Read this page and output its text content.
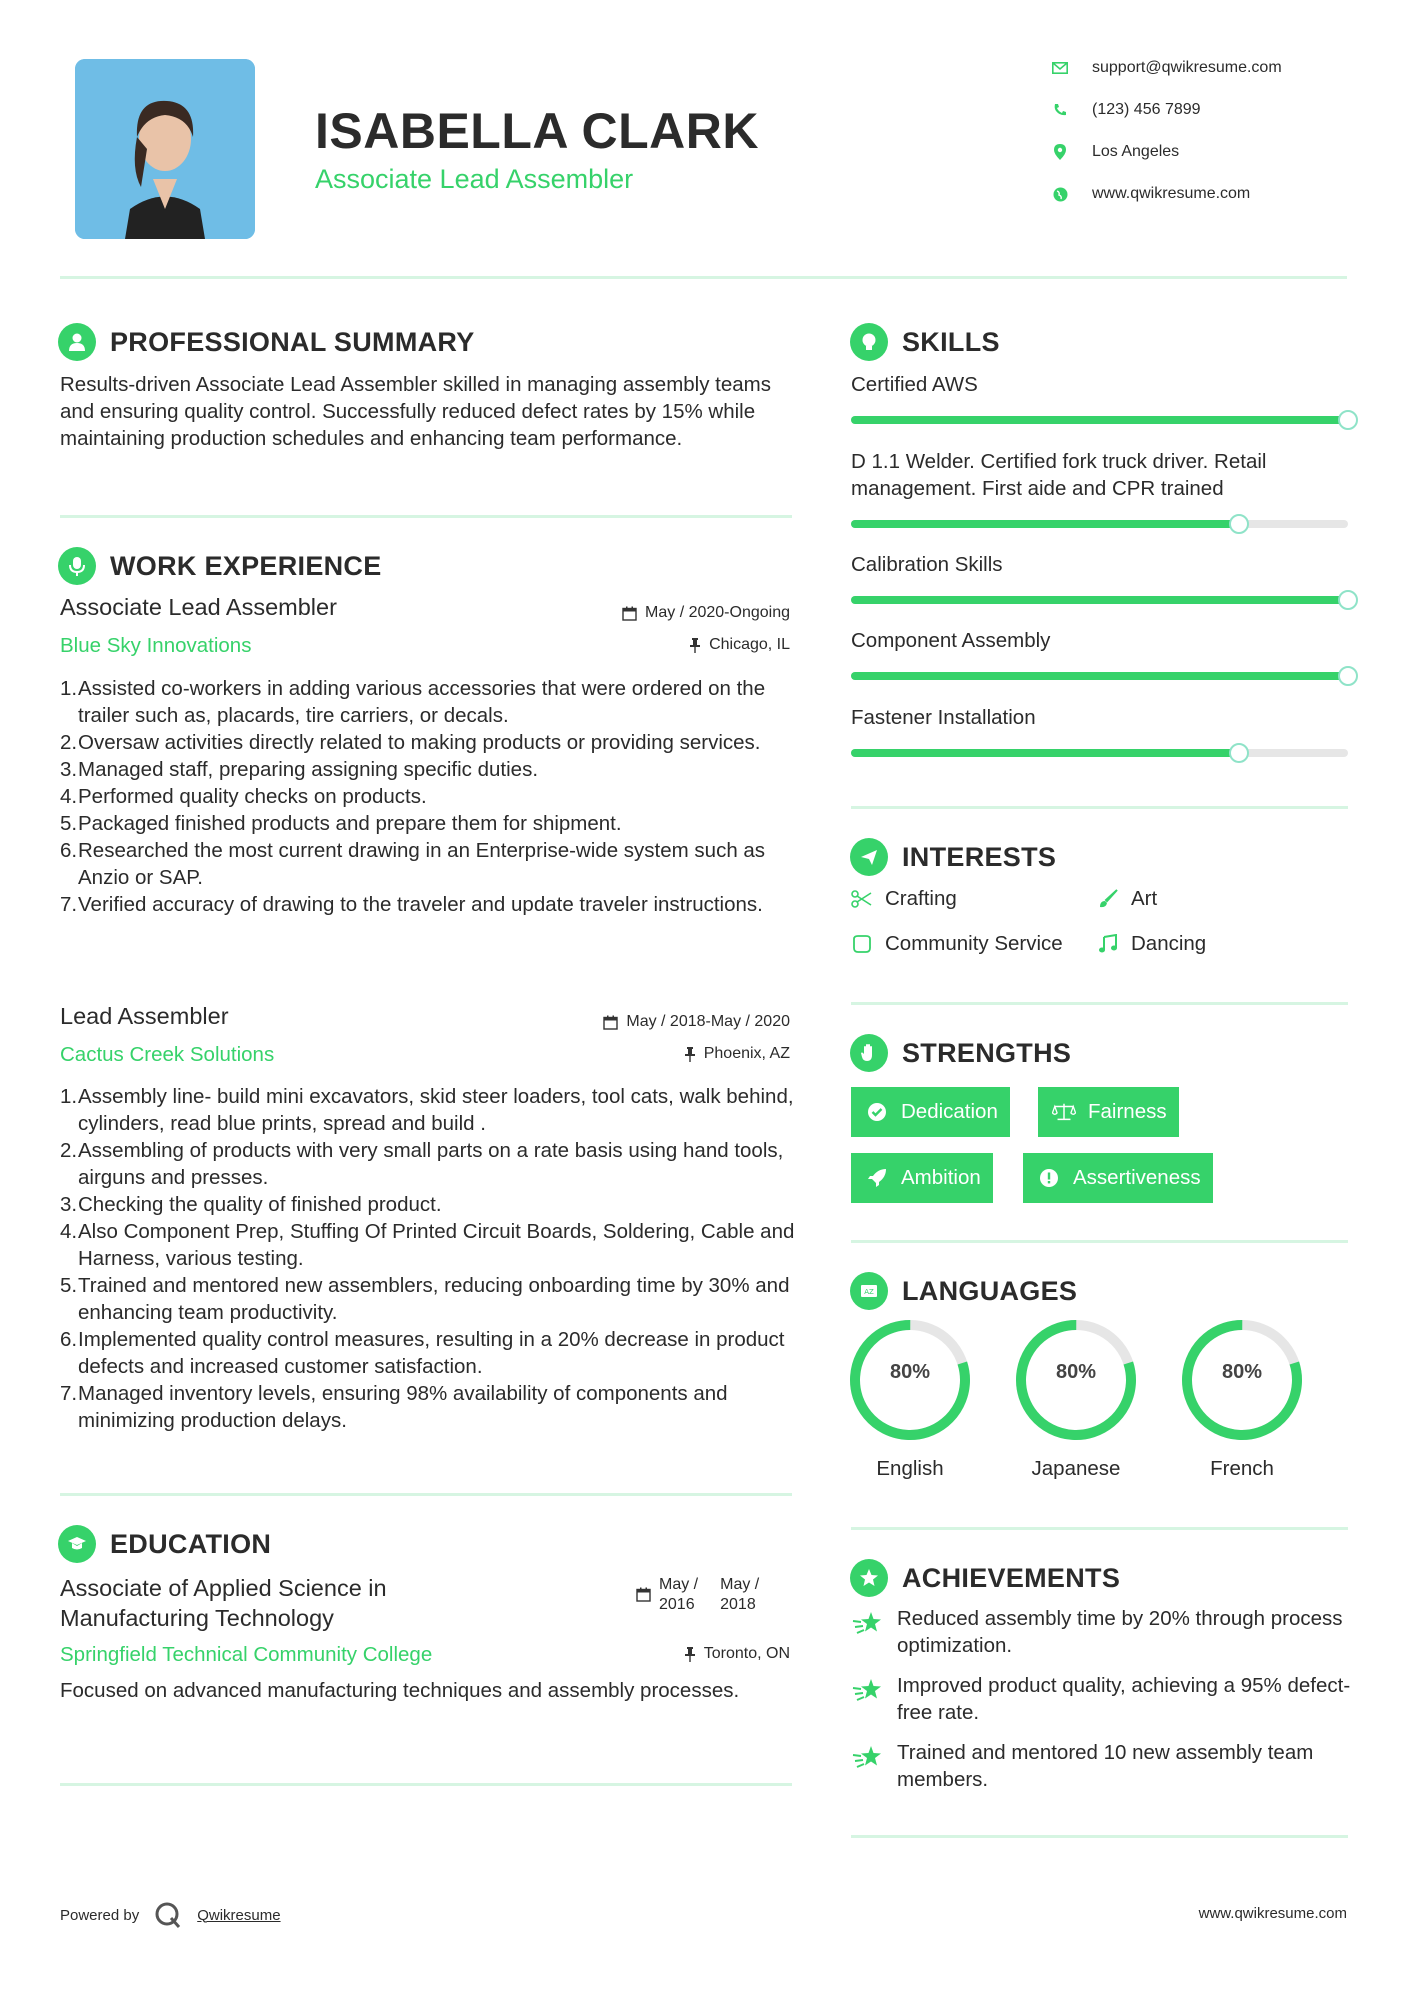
ISABELLA CLARK
Associate Lead Assembler
support@qwikresume.com
(123) 456 7899
Los Angeles
www.qwikresume.com
PROFESSIONAL SUMMARY
Results-driven Associate Lead Assembler skilled in managing assembly teams and ensuring quality control. Successfully reduced defect rates by 15% while maintaining production schedules and enhancing team performance.
WORK EXPERIENCE
Associate Lead Assembler
Blue Sky Innovations
May / 2020-Ongoing
Chicago, IL
Assisted co-workers in adding various accessories that were ordered on the trailer such as, placards, tire carriers, or decals.
Oversaw activities directly related to making products or providing services.
Managed staff, preparing assigning specific duties.
Performed quality checks on products.
Packaged finished products and prepare them for shipment.
Researched the most current drawing in an Enterprise-wide system such as Anzio or SAP.
Verified accuracy of drawing to the traveler and update traveler instructions.
Lead Assembler
Cactus Creek Solutions
May / 2018-May / 2020
Phoenix, AZ
Assembly line- build mini excavators, skid steer loaders, tool cats, walk behind, cylinders, read blue prints, spread and build .
Assembling of products with very small parts on a rate basis using hand tools, airguns and presses.
Checking the quality of finished product.
Also Component Prep, Stuffing Of Printed Circuit Boards, Soldering, Cable and Harness, various testing.
Trained and mentored new assemblers, reducing onboarding time by 30% and enhancing team productivity.
Implemented quality control measures, resulting in a 20% decrease in product defects and increased customer satisfaction.
Managed inventory levels, ensuring 98% availability of components and minimizing production delays.
EDUCATION
Associate of Applied Science in Manufacturing Technology
Springfield Technical Community College
May /
2016
May /
2018
Toronto, ON
Focused on advanced manufacturing techniques and assembly processes.
SKILLS
Certified AWS
D 1.1 Welder. Certified fork truck driver. Retail management. First aide and CPR trained
Calibration Skills
Component Assembly
Fastener Installation
INTERESTS
Crafting	Art
Community Service	Dancing
STRENGTHS
Dedication	Fairness
Ambition	Assertiveness
AZ LANGUAGES
80%
English
80%
Japanese
80%
French
ACHIEVEMENTS
Reduced assembly time by 20% through process optimization.
Improved product quality, achieving a 95% defect-free rate.
Trained and mentored 10 new assembly team members.
Powered by	Qwikresume	www.qwikresume.com
